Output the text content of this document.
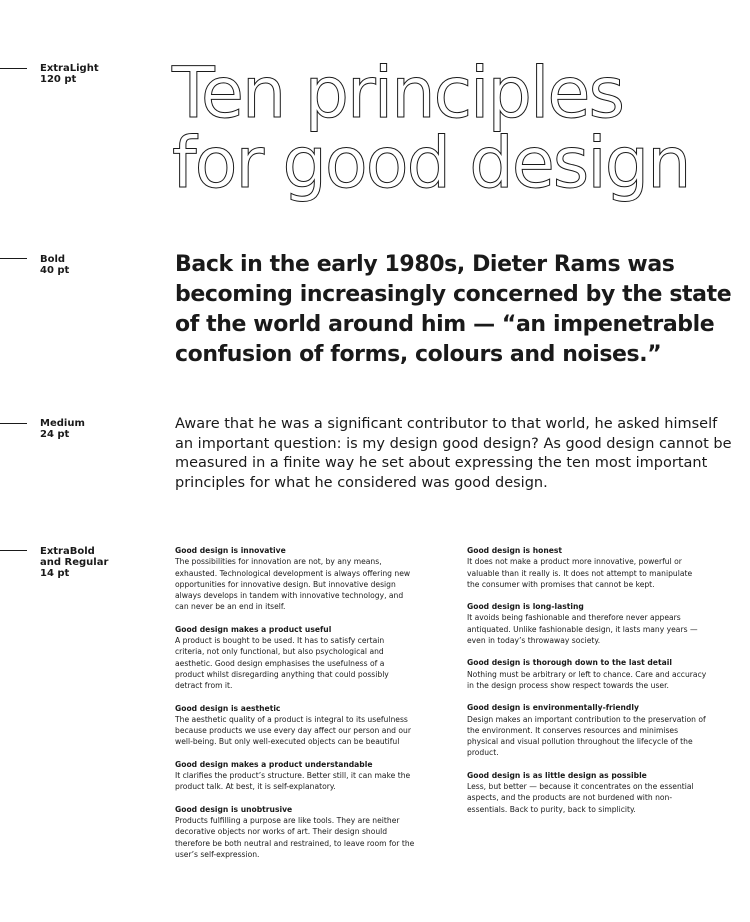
ExtraLight
120 pt
Bold
40 pt
Medium
24 pt
ExtraBold
and Regular
14 pt
Ten principles
for good design

Back in the early 1980s, Dieter Rams was becoming increasingly concerned by the state of the world around him — “an impenetrable confusion of forms, colours and noises.”

Aware that he was a significant contributor to that world, he asked himself an important question: is my design good design? As good design cannot be measured in a finite way he set about expressing the ten most important principles for what he considered was good design.

Good design is innovative

The possibilities for innovation are not, by any means, exhausted. Technological development is always offering new opportunities for innovative design. But innovative design always develops in tandem with innovative technology, and can never be an end in itself.

Good design makes a product useful

A product is bought to be used. It has to satisfy certain criteria, not only functional, but also psychological and aesthetic. Good design emphasises the usefulness of a product whilst disregarding anything that could possibly detract from it.

Good design is aesthetic

The aesthetic quality of a product is integral to its usefulness because products we use every day affect our person and our well-being. But only well-executed objects can be beautiful

Good design makes a product understandable

It clarifies the product’s structure. Better still, it can make the product talk. At best, it is self-explanatory.

Good design is unobtrusive

Products fulfilling a purpose are like tools. They are neither decorative objects nor works of art. Their design should therefore be both neutral and restrained, to leave room for the user’s self-expression.

Good design is honest

It does not make a product more innovative, powerful or valuable than it really is. It does not attempt to manipulate the consumer with promises that cannot be kept.

Good design is long-lasting

It avoids being fashionable and therefore never appears antiquated. Unlike fashionable design, it lasts many years — even in today’s throwaway society.

Good design is thorough down to the last detail

Nothing must be arbitrary or left to chance. Care and accuracy in the design process show respect towards the user.

Good design is environmentally-friendly

Design makes an important contribution to the preservation of the environment. It conserves resources and minimises physical and visual pollution throughout the lifecycle of the product.

Good design is as little design as possible

Less, but better — because it concentrates on the essential aspects, and the products are not burdened with non-essentials. Back to purity, back to simplicity.
